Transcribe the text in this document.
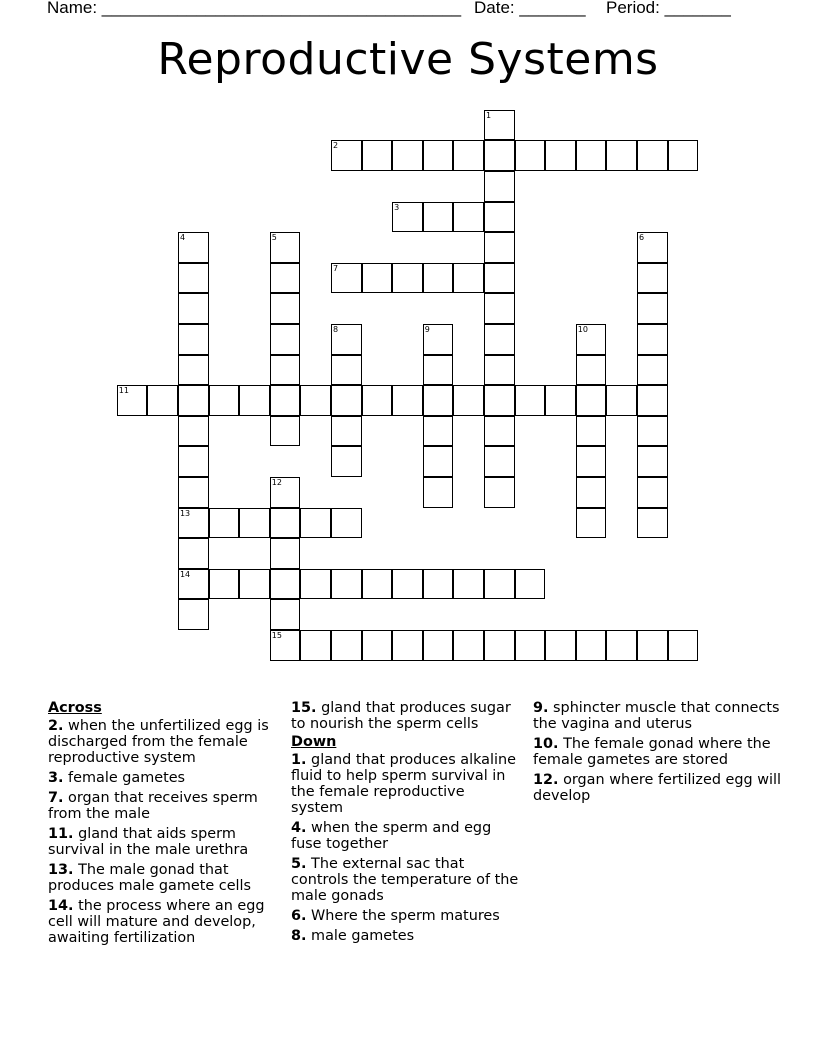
Name: ______________________________________ Date: _______ Period: _______
Reproductive Systems
1
2
3
4
13
14
5	6
7
8	9	10
11
12
15
Across
2. when the unfertilized egg is discharged from the female reproductive system
3. female gametes
7. organ that receives sperm from the male
11. gland that aids sperm survival in the male urethra
13. The male gonad that produces male gamete cells
14. the process where an egg cell will mature and develop, awaiting fertilization
15. gland that produces sugar to nourish the sperm cells
Down
1. gland that produces alkaline fluid to help sperm survival in the female reproductive system
4. when the sperm and egg fuse together
5. The external sac that controls the temperature of the male gonads
6. Where the sperm matures
8. male gametes
9. sphincter muscle that connects the vagina and uterus
10. The female gonad where the female gametes are stored
12. organ where fertilized egg will develop
